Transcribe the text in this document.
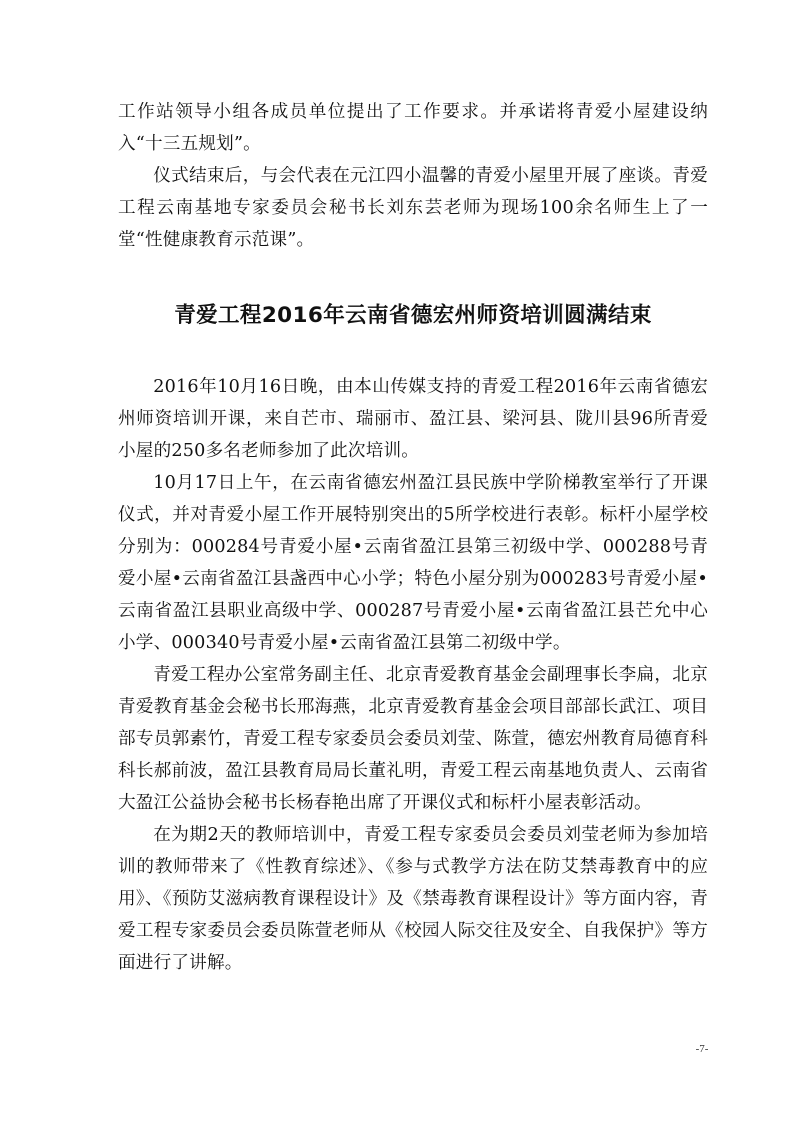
工作站领导小组各成员单位提出了工作要求。并承诺将青爱小屋建设纳入“十三五规划”。

仪式结束后，与会代表在元江四小温馨的青爱小屋里开展了座谈。青爱工程云南基地专家委员会秘书长刘东芸老师为现场100余名师生上了一堂“性健康教育示范课”。

青爱工程2016年云南省德宏州师资培训圆满结束

2016年10月16日晚，由本山传媒支持的青爱工程2016年云南省德宏州师资培训开课，来自芒市、瑞丽市、盈江县、梁河县、陇川县96所青爱小屋的250多名老师参加了此次培训。

10月17日上午，在云南省德宏州盈江县民族中学阶梯教室举行了开课仪式，并对青爱小屋工作开展特别突出的5所学校进行表彰。标杆小屋学校分别为：000284号青爱小屋•云南省盈江县第三初级中学、000288号青爱小屋•云南省盈江县盏西中心小学；特色小屋分别为000283号青爱小屋•云南省盈江县职业高级中学、000287号青爱小屋•云南省盈江县芒允中心小学、000340号青爱小屋•云南省盈江县第二初级中学。

青爱工程办公室常务副主任、北京青爱教育基金会副理事长李扁，北京青爱教育基金会秘书长邢海燕，北京青爱教育基金会项目部部长武江、项目部专员郭素竹，青爱工程专家委员会委员刘莹、陈萱，德宏州教育局德育科科长郝前波，盈江县教育局局长董礼明，青爱工程云南基地负责人、云南省大盈江公益协会秘书长杨春艳出席了开课仪式和标杆小屋表彰活动。

在为期2天的教师培训中，青爱工程专家委员会委员刘莹老师为参加培训的教师带来了《性教育综述》、《参与式教学方法在防艾禁毒教育中的应用》、《预防艾滋病教育课程设计》及《禁毒教育课程设计》等方面内容，青爱工程专家委员会委员陈萱老师从《校园人际交往及安全、自我保护》等方面进行了讲解。

-7-
